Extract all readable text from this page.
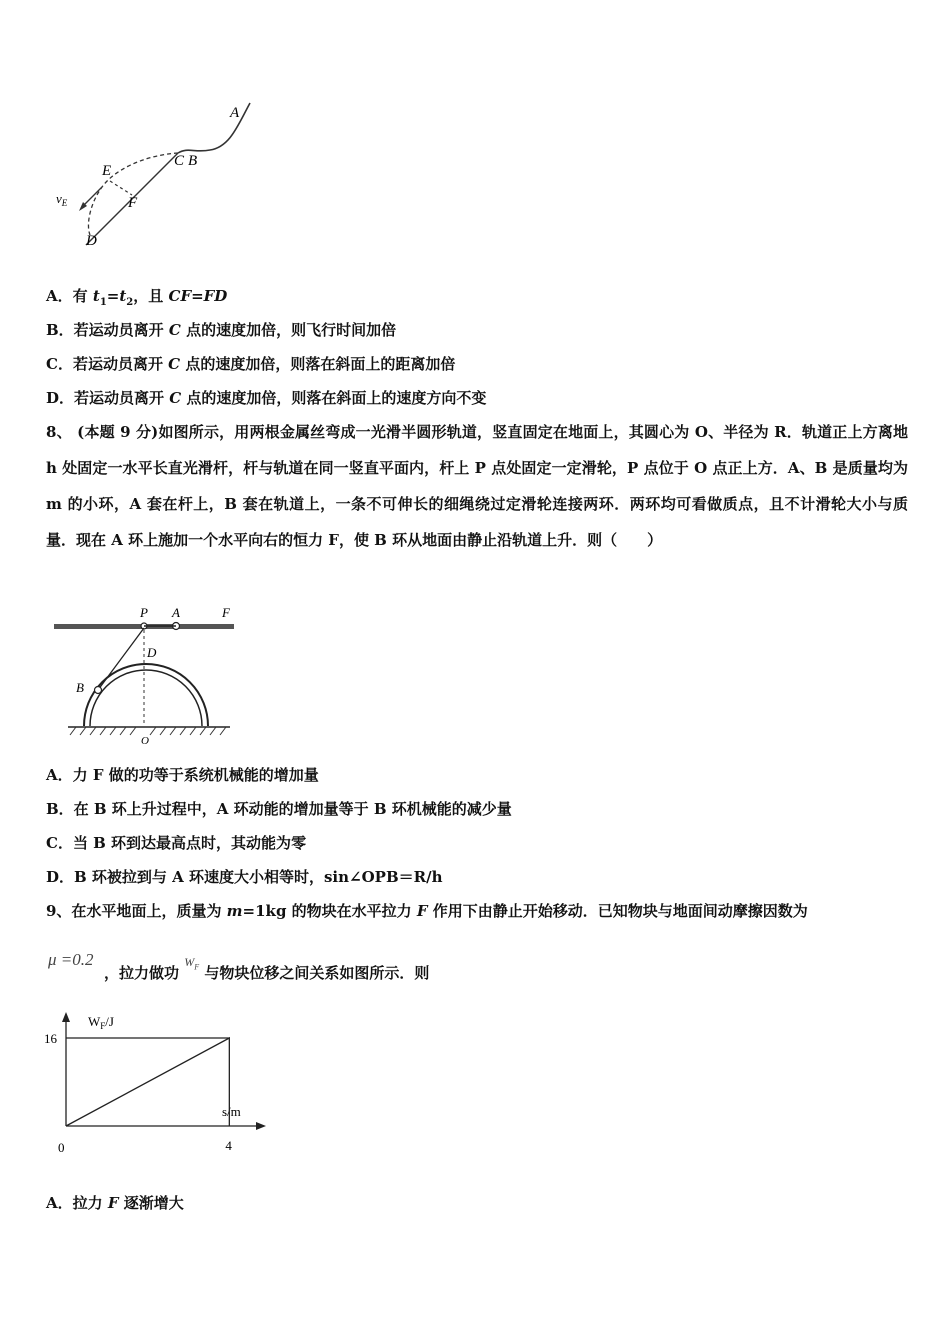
A
C B
E
F
D
$v_E$
A．有 $t_1=t_2$，且 CF=FD
B．若运动员离开 C 点的速度加倍，则飞行时间加倍
C．若运动员离开 C 点的速度加倍，则落在斜面上的距离加倍
D．若运动员离开 C 点的速度加倍，则落在斜面上的速度方向不变
8、 (本题 9 分)如图所示，用两根金属丝弯成一光滑半圆形轨道，竖直固定在地面上，其圆心为 O、半径为 R．轨道正上方离地 h 处固定一水平长直光滑杆，杆与轨道在同一竖直平面内，杆上 P 点处固定一定滑轮，P 点位于 O 点正上方．A、B 是质量均为 m 的小环，A 套在杆上，B 套在轨道上，一条不可伸长的细绳绕过定滑轮连接两环．两环均可看做质点，且不计滑轮大小与质量．现在 A 环上施加一个水平向右的恒力 F，使 B 环从地面由静止沿轨道上升．则（　　）
P A	F
D
B
O
A．力 F 做的功等于系统机械能的增加量
B．在 B 环上升过程中，A 环动能的增加量等于 B 环机械能的减少量
C．当 B 环到达最高点时，其动能为零
D．B 环被拉到与 A 环速度大小相等时，sin∠OPB＝R/h
9、在水平地面上，质量为 m=1kg 的物块在水平拉力 F 作用下由静止开始移动．已知物块与地面间动摩擦因数为
μ =0.2
，拉力做功 $^{W_F}$ 与物块位移之间关系如图所示．则
$W_F/J$
s/m
0	4
16
A．拉力 F 逐渐增大
